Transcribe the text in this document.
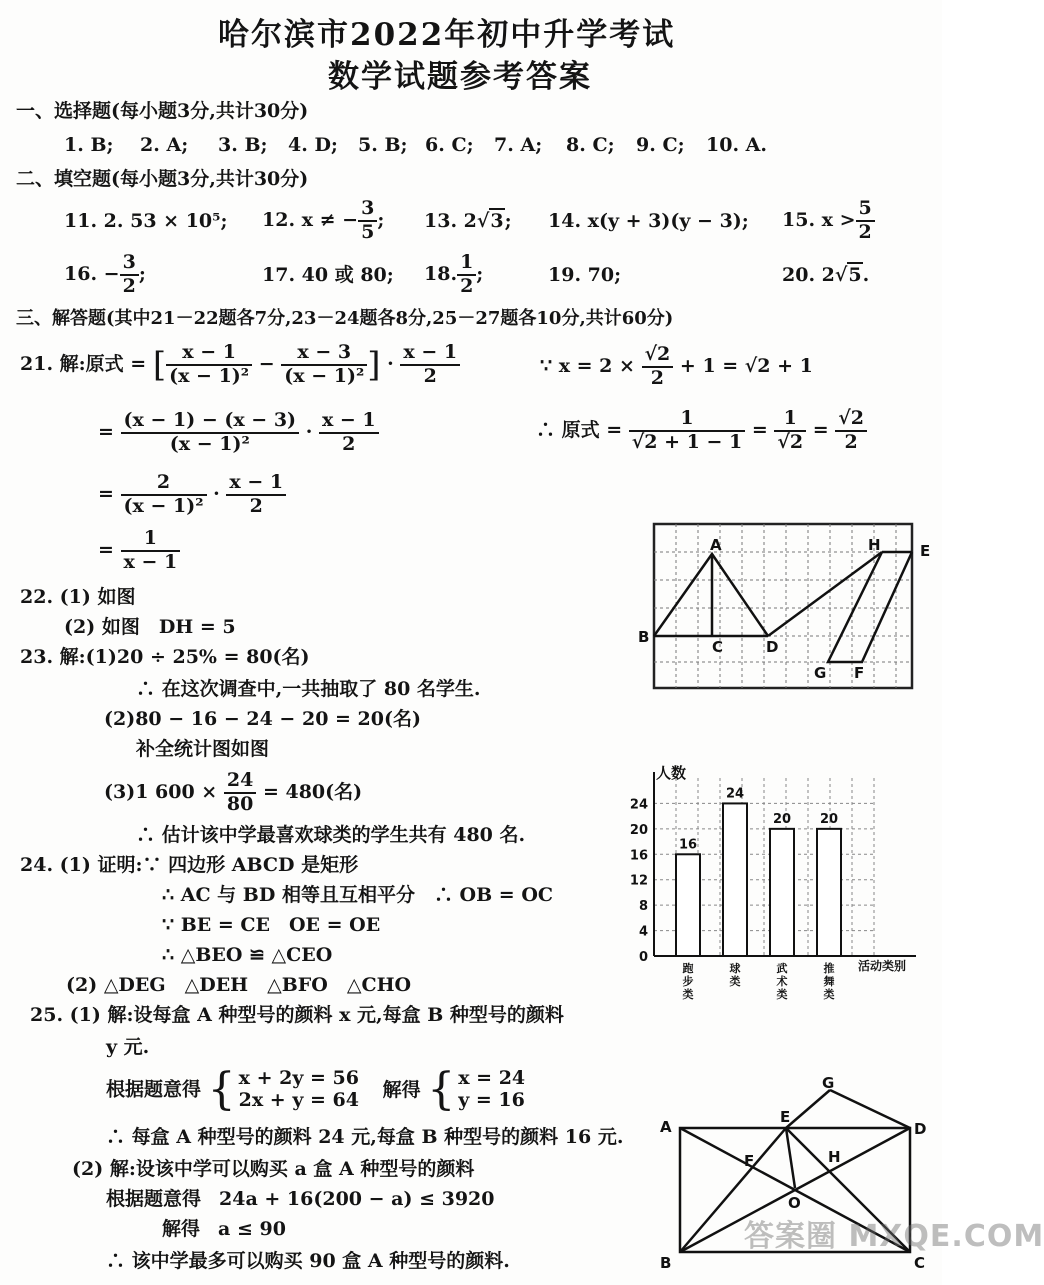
哈尔滨市2022年初中升学考试
数学试题参考答案
一、选择题(每小题3分,共计30分)
1. B; 2. A; 3. B; 4. D; 5. B; 6. C; 7. A; 8. C; 9. C; 10. A.
二、填空题(每小题3分,共计30分)
11. 2. 53 × 10⁵; 12. x ≠ − $\frac{3}{5}$ ; 13. 2√3; 14. x(y + 3)(y − 3); 15. $x > \frac{5}{2}$
16. − $\frac{3}{2}$ ;	17. 40 或 80; 18. $\frac{1}{2}$ ;	19. 70;	20. 2√5.
三、解答题(其中21－22题各7分,23－24题各8分,25－27题各10分,共计60分)
21. 解:原式 = [ $\frac{x - 1}{\text{(x − 1)²}} - \frac{x - 3}{\text{(x − 1)²}}$ ] · $\frac{x - 1}{2}$
= $\frac{(x - 1) - (x - 3)}{\text{(x − 1)²}} \cdot \frac{x - 1}{2}$
= $\frac{2}{\text{(x − 1)²}} \cdot \frac{x - 1}{2}$
= $\frac{1}{x - 1}$
∵ $x = 2 \times \frac{√2}{2} + 1 = √2 + 1$
∴ 原式 = $\frac{1}{√2 + 1 - 1} = \frac{1}{√2} = \frac{√2}{2}$
22. (1) 如图
(2) 如图　DH = 5
A	H	E
B
C	D
G F
23. 解:(1)20 ÷ 25% = 80(名)
∴ 在这次调查中,一共抽取了 80 名学生.
(2)80 − 16 − 24 − 20 = 20(名)
补全统计图如图
(3)1 $600 \times \frac{24}{80} = 480$(名)
∴ 估计该中学最喜欢球类的学生共有 480 名.
人数
活动类别
0
4
8
12
16
20
24
16
跑步类
24
球类
20
武术类
20
推舞类
24. (1) 证明:∵ 四边形 ABCD 是矩形
∴ AC 与 BD 相等且互相平分　∴ OB = OC
∵ BE = CE　OE = OE
∴ △BEO ≌ △CEO
(2) △DEG　△DEH　△BFO　△CHO
25. (1) 解:设每盒 A 种型号的颜料 x 元,每盒 B 种型号的颜料
y 元.
根据题意得 { x + 2y = 56
2x + y = 64 解得 { x = 24
y = 16
∴ 每盒 A 种型号的颜料 24 元,每盒 B 种型号的颜料 16 元.
(2) 解:设该中学可以购买 a 盒 A 种型号的颜料
根据题意得 24a + 16(200 − a) ≤ 3920
解得 a ≤ 90
∴ 该中学最多可以购买 90 盒 A 种型号的颜料.
A
E
G
D
F	H
O
B	C
答案圈 MXQE.COM
